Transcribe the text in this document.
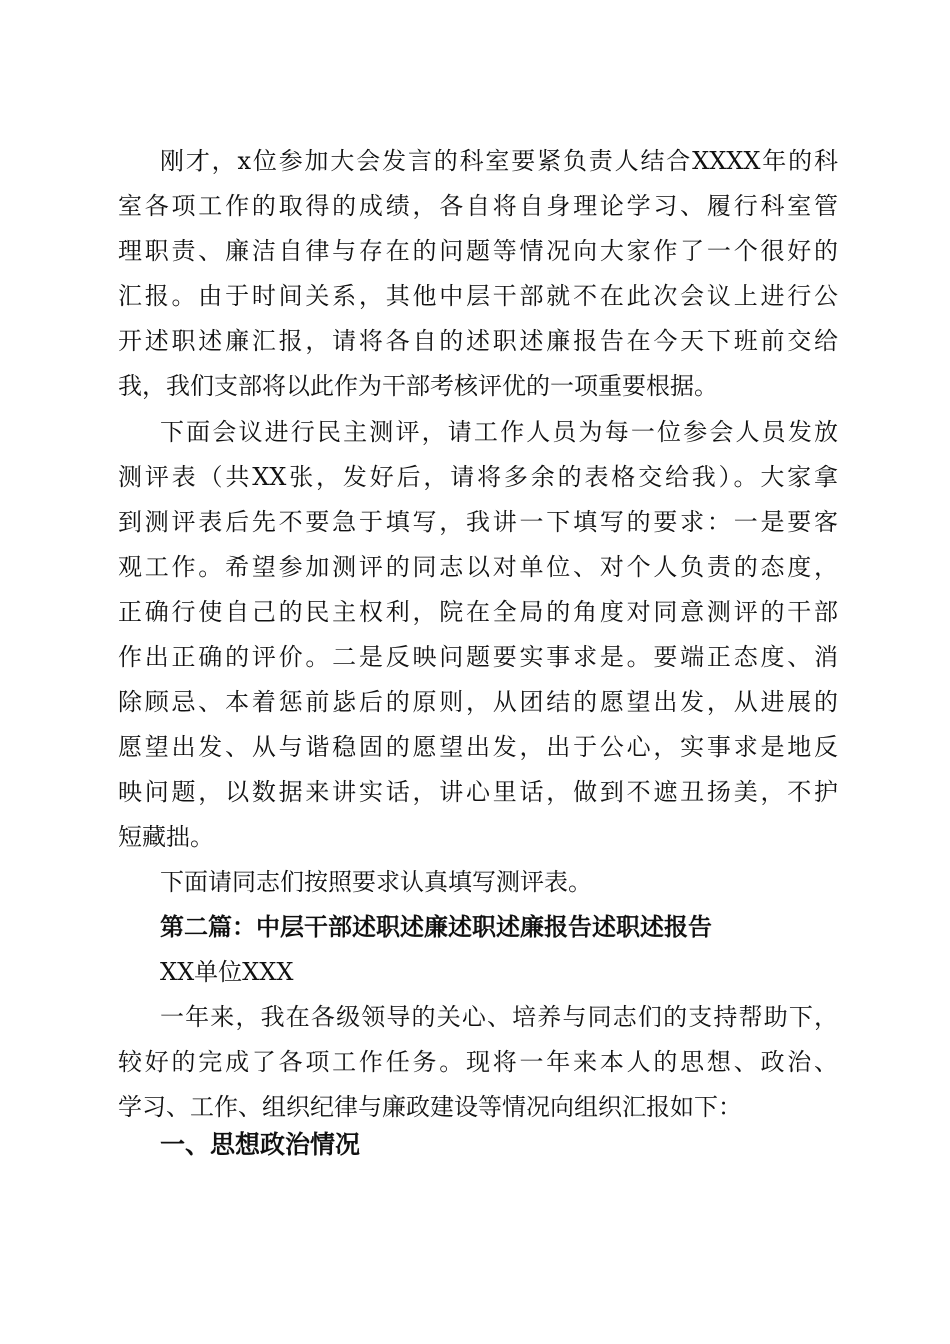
刚才，x位参加大会发言的科室要紧负责人结合XXXX年的科
室各项工作的取得的成绩，各自将自身理论学习、履行科室管
理职责、廉洁自律与存在的问题等情况向大家作了一个很好的
汇报。由于时间关系，其他中层干部就不在此次会议上进行公
开述职述廉汇报，请将各自的述职述廉报告在今天下班前交给
我，我们支部将以此作为干部考核评优的一项重要根据。
下面会议进行民主测评，请工作人员为每一位参会人员发放
测评表（共XX张，发好后，请将多余的表格交给我）。大家拿
到测评表后先不要急于填写，我讲一下填写的要求：一是要客
观工作。希望参加测评的同志以对单位、对个人负责的态度，
正确行使自己的民主权利，院在全局的角度对同意测评的干部
作出正确的评价。二是反映问题要实事求是。要端正态度、消
除顾忌、本着惩前毖后的原则，从团结的愿望出发，从进展的
愿望出发、从与谐稳固的愿望出发，出于公心，实事求是地反
映问题，以数据来讲实话，讲心里话，做到不遮丑扬美，不护
短藏拙。
下面请同志们按照要求认真填写测评表。
第二篇：中层干部述职述廉述职述廉报告述职述报告
XX单位XXX
一年来，我在各级领导的关心、培养与同志们的支持帮助下，
较好的完成了各项工作任务。现将一年来本人的思想、政治、
学习、工作、组织纪律与廉政建设等情况向组织汇报如下：
一、思想政治情况
